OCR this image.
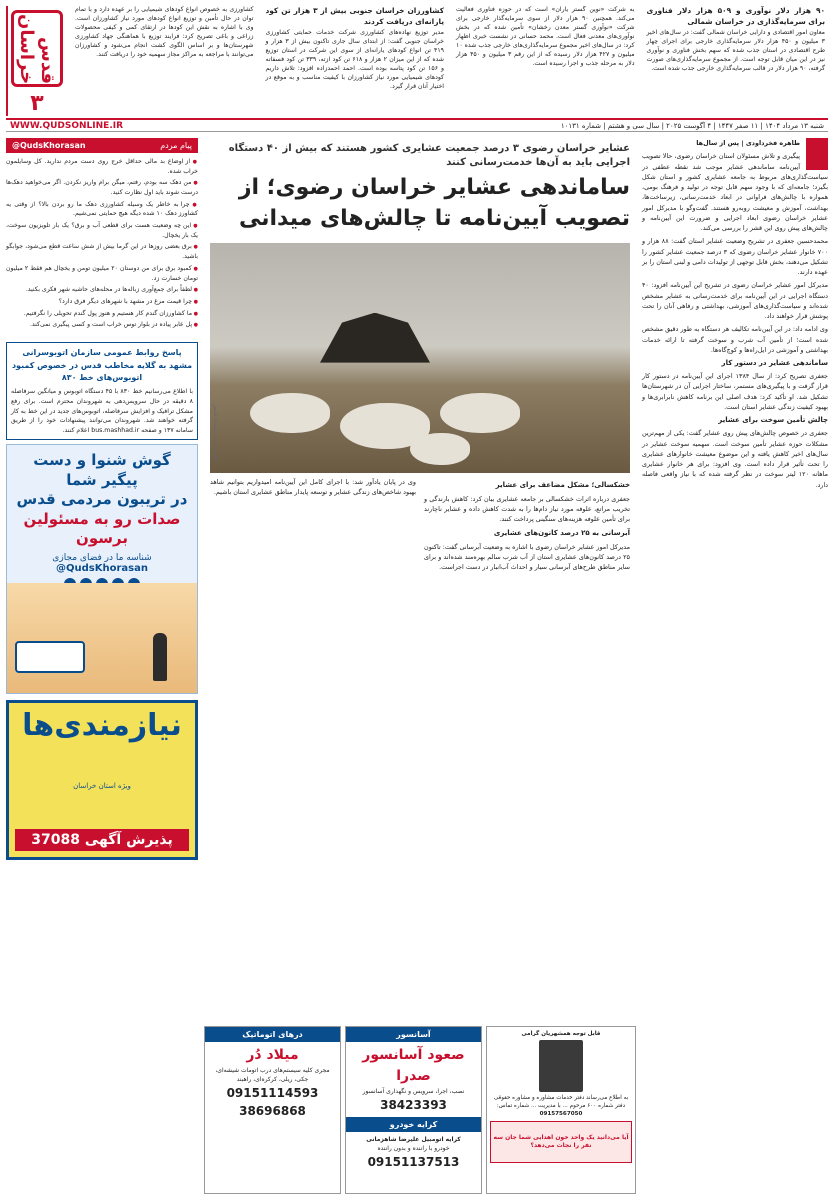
۹۰ هزار دلار نوآوری و ۵۰۹ هزار دلار فناوری برای سرمایه‌گذاری در خراسان شمالی

معاون امور اقتصادی و دارایی خراسان شمالی گفت: در سال‌های اخیر ۳ میلیون و ۴۵۰ هزار دلار سرمایه‌گذاری خارجی برای اجرای چهار طرح اقتصادی در استان جذب شده که سهم بخش فناوری و نوآوری نیز در این میان قابل توجه است. از مجموع سرمایه‌گذاری‌های صورت گرفته، ۹۰ هزار دلار در قالب سرمایه‌گذاری خارجی جذب شده است.

به شرکت «نوین گستر یاران» است که در حوزه فناوری فعالیت می‌کند. همچنین ۹۰ هزار دلار از سوی سرمایه‌گذار خارجی برای شرکت «نوآوری گستر معدن رخشان» تأمین شده که در بخش نوآوری‌های معدنی فعال است. محمد حسانی در نشست خبری اظهار کرد: در سال‌های اخیر مجموع سرمایه‌گذاری‌های خارجی جذب شده ۱۰ میلیون و ۴۲۷ هزار دلار رسیده که از این رقم ۳ میلیون و ۴۵۰ هزار دلار به مرحله جذب و اجرا رسیده است.

کشاورزان خراسان جنوبی بیش از ۳ هزار تن کود یارانه‌ای دریافت کردند

مدیر توزیع نهاده‌های کشاورزی شرکت خدمات حمایتی کشاورزی خراسان جنوبی گفت: از ابتدای سال جاری تاکنون بیش از ۳ هزار و ۴۱۹ تن انواع کودهای یارانه‌ای از سوی این شرکت در استان توزیع شده که از این میزان ۲ هزار و ۶۱۸ تن کود ازته، ۳۳۹ تن کود فسفاته و ۱۵۶ تن کود پتاسه بوده است. احمد احمدزاده افزود: تلاش داریم کودهای شیمیایی مورد نیاز کشاورزان با کیفیت مناسب و به موقع در اختیار آنان قرار گیرد.

کشاورزی به خصوص انواع کودهای شیمیایی را بر عهده دارد و با تمام توان در حال تأمین و توزیع انواع کودهای مورد نیاز کشاورزان است. وی با اشاره به نقش این کودها در ارتقای کمی و کیفی محصولات زراعی و باغی تصریح کرد: فرایند توزیع با هماهنگی جهاد کشاورزی شهرستان‌ها و بر اساس الگوی کشت انجام می‌شود و کشاورزان می‌توانند با مراجعه به مراکز مجاز سهمیه خود را دریافت کنند.

قدس خراسان
۳
شنبه ۱۳ مرداد ۱۴۰۴ | ۱۱ صفر ۱۴۴۷ | ۴ آگوست ۲۰۲۵ | سال سی و هشتم | شماره ۱۰۱۳۱
WWW.QUDSONLINE.IR

طاهره فخرداودی | پس از سال‌ها

پیگیری و تلاش مسئولان استان خراسان رضوی، حالا تصویب آیین‌نامه ساماندهی عشایر موجب شد نقطه عطفی در سیاست‌گذاری‌های مربوط به جامعه عشایری کشور و استان شکل بگیرد؛ جامعه‌ای که با وجود سهم قابل توجه در تولید و فرهنگ بومی، همواره با چالش‌های فراوانی در ابعاد خدمت‌رسانی، زیرساخت‌ها، بهداشت، آموزش و معیشت روبه‌رو هستند. گفت‌وگو با مدیرکل امور عشایر خراسان رضوی ابعاد اجرایی و ضرورت این آیین‌نامه و چالش‌های پیش روی این قشر را بررسی می‌کند.

محمدحسین جعفری در تشریح وضعیت عشایر استان گفت: ۸۸ هزار و ۷۰۰ خانوار عشایر خراسان رضوی که ۳ درصد جمعیت عشایر کشور را تشکیل می‌دهند، بخش قابل توجهی از تولیدات دامی و لبنی استان را بر عهده دارند.

مدیرکل امور عشایر خراسان رضوی در تشریح این آیین‌نامه افزود: ۴۰ دستگاه اجرایی در این آیین‌نامه برای خدمت‌رسانی به عشایر مشخص شده‌اند و سیاست‌گذاری‌های آموزشی، بهداشتی و رفاهی آنان را تحت پوشش قرار خواهند داد.

وی ادامه داد: در این آیین‌نامه تکالیف هر دستگاه به طور دقیق مشخص شده است؛ از تأمین آب شرب و سوخت گرفته تا ارائه خدمات بهداشتی و آموزشی در ایل‌راه‌ها و کوچ‌گاه‌ها.

ساماندهی عشایر در دستور کار

جعفری تصریح کرد: از سال ۱۳۸۴ اجرای این آیین‌نامه در دستور کار قرار گرفت و با پیگیری‌های مستمر، ساختار اجرایی آن در شهرستان‌ها تشکیل شد. او تأکید کرد: هدف اصلی این برنامه کاهش نابرابری‌ها و بهبود کیفیت زندگی عشایر استان است.

چالش تأمین سوخت برای عشایر

جعفری در خصوص چالش‌های پیش روی عشایر گفت: یکی از مهم‌ترین مشکلات حوزه عشایر تأمین سوخت است. سهمیه سوخت عشایر در سال‌های اخیر کاهش یافته و این موضوع معیشت خانوارهای عشایری را تحت تأثیر قرار داده است. وی افزود: برای هر خانوار عشایری ماهانه ۱۲۰ لیتر سوخت در نظر گرفته شده که با نیاز واقعی فاصله دارد.

عشایر خراسان رضوی ۳ درصد جمعیت عشایری کشور هستند که بیش از ۴۰ دستگاه اجرایی باید به آن‌ها خدمت‌رسانی کنند
ساماندهی عشایر خراسان رضوی؛ از تصویب آیین‌نامه تا چالش‌های میدانی
عکس تزئینی است/ قدس

خشکسالی؛ مشکل مضاعف برای عشایر

جعفری درباره اثرات خشکسالی بر جامعه عشایری بیان کرد: کاهش بارندگی و تخریب مراتع، علوفه مورد نیاز دام‌ها را به شدت کاهش داده و عشایر ناچارند برای تأمین علوفه هزینه‌های سنگینی پرداخت کنند.

آبرسانی به ۲۵ درصد کانون‌های عشایری

مدیرکل امور عشایر خراسان رضوی با اشاره به وضعیت آبرسانی گفت: تاکنون ۲۵ درصد کانون‌های عشایری استان از آب شرب سالم بهره‌مند شده‌اند و برای سایر مناطق طرح‌های آبرسانی سیار و احداث آب‌انبار در دست اجراست.

وی در پایان یادآور شد: با اجرای کامل این آیین‌نامه امیدواریم بتوانیم شاهد بهبود شاخص‌های زندگی عشایر و توسعه پایدار مناطق عشایری استان باشیم.

قابل توجه همشهریان گرامی
به اطلاع می‌رساند دفتر خدمات مشاوره و مشاوره حقوقی دفتر شماره ۶۰۰ مرحوم ... با مدیریت ... شماره تماس:
09157567050
آیا می‌دانید یک واحد خون اهدایی شما جان سه نفر را نجات می‌دهد؟
آسانسور
صعود آسانسور صدرا
نصب، اجرا، سرویس و نگهداری آسانسور
38423393
کرایه خودرو
کرایه اتومبیل علیرضا شاهزمانی
خودرو با راننده و بدون راننده
09151137513
درهای اتوماتیک
میلاد دُر
مجری کلیه سیستم‌های درب اتومات شیشه‌ای، جکی، ریلی، کرکره‌ای، راهبند
09151114593
38696868
پیام مردم
@QudsKhorasan

● از اوضاع بد مالی حداقل خرج روی دست مردم ندارید. کل وسایلمون خراب شده.

● من دهک سه بودم، رفتم، میگن برام واریز نکردن. اگر می‌خواهید دهک‌ها درست شوند باید اول نظارت کنید.

● چرا به خاطر یک وسیله کشاورزی دهک ما رو بردن بالا؟ از وقتی یه کشاورز دهک ۱۰ شده دیگه هیچ حمایتی نمی‌شیم.

● این چه وضعیت هست برای قطعی آب و برق؟ یک بار تلویزیون سوخت، یک بار یخچال.

● برق بعضی روزها در این گرما بیش از شش ساعت قطع می‌شود، جوابگو باشید.

● کمبود برق برای من دوستان ۲۰ میلیون تومن و یخچال هم فقط ۲ میلیون تومان خسارت زد.

● لطفاً برای جمع‌آوری زباله‌ها در محله‌های حاشیه شهر فکری بکنید.

● چرا قیمت مرغ در مشهد با شهرهای دیگر فرق دارد؟

● ما کشاورزان گندم کار هستیم و هنوز پول گندم تحویلی را نگرفتیم.

● پل عابر پیاده در بلوار توس خراب است و کسی پیگیری نمی‌کند.

پاسخ روابط عمومی سازمان اتوبوسرانی مشهد به گلایه مخاطب قدس در خصوص کمبود اتوبوس‌های خط ۸۳۰

با اطلاع می‌رسانیم خط ۸۳۰ با ۴۵ دستگاه اتوبوس و میانگین سرفاصله ۸ دقیقه در حال سرویس‌دهی به شهروندان محترم است. برای رفع مشکل ترافیک و افزایش سرفاصله، اتوبوس‌های جدید در این خط به کار گرفته خواهند شد. شهروندان می‌توانند پیشنهادات خود را از طریق سامانه ۱۳۷ و صفحه bus.mashhad.ir اعلام کنند.

گوش شنوا و دست پیگیر شما
در تریبون مردمی قدس
صدات رو به مسئولین برسون
شناسه ما در فضای مجازی
@QudsKhorasan
نیازمندی‌ها
ویژه استان خراسان
پذیرش آگهی 37088
